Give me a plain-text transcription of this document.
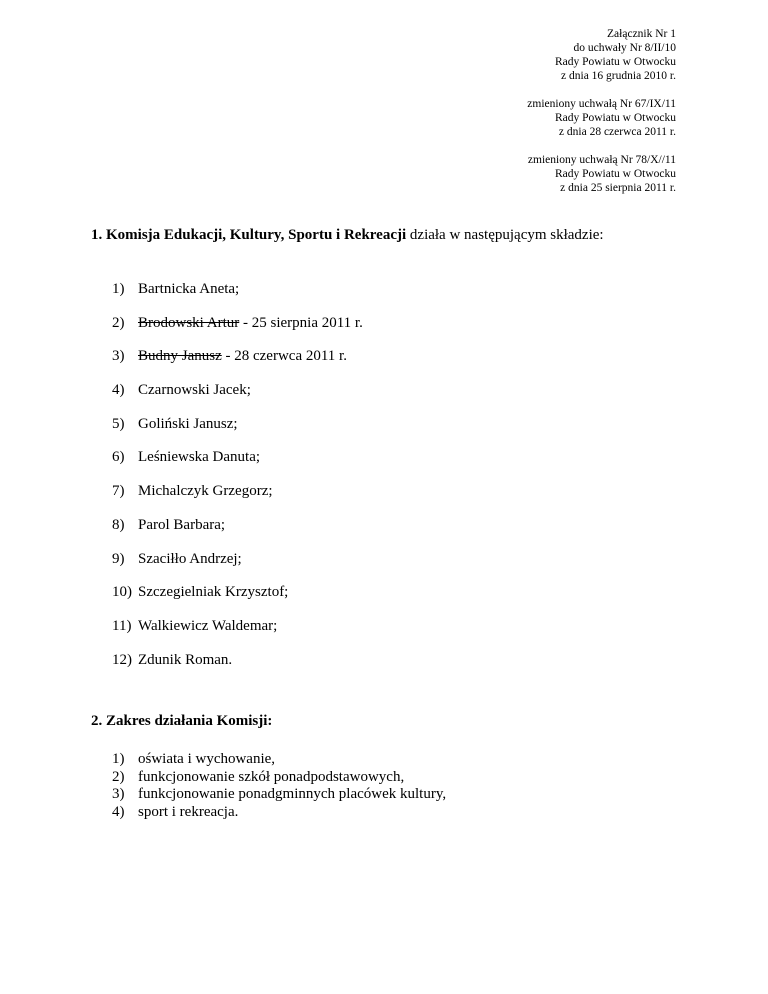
Załącznik Nr 1
do uchwały Nr 8/II/10
Rady Powiatu w Otwocku
z dnia 16 grudnia 2010 r.
zmieniony uchwałą Nr 67/IX/11
Rady Powiatu w Otwocku
z dnia 28 czerwca 2011 r.
zmieniony uchwałą Nr 78/X//11
Rady Powiatu w Otwocku
z dnia 25 sierpnia 2011 r.
1. Komisja Edukacji, Kultury, Sportu i Rekreacji działa w następującym składzie:
1) Bartnicka Aneta;
2) Brodowski Artur - 25 sierpnia 2011 r.
3) Budny Janusz - 28 czerwca 2011 r.
4) Czarnowski Jacek;
5) Goliński Janusz;
6) Leśniewska Danuta;
7) Michalczyk Grzegorz;
8) Parol Barbara;
9) Szaciłło Andrzej;
10) Szczegielniak Krzysztof;
11) Walkiewicz Waldemar;
12) Zdunik Roman.
2. Zakres działania Komisji:
1) oświata i wychowanie,
2) funkcjonowanie szkół ponadpodstawowych,
3) funkcjonowanie ponadgminnych placówek kultury,
4) sport i rekreacja.
